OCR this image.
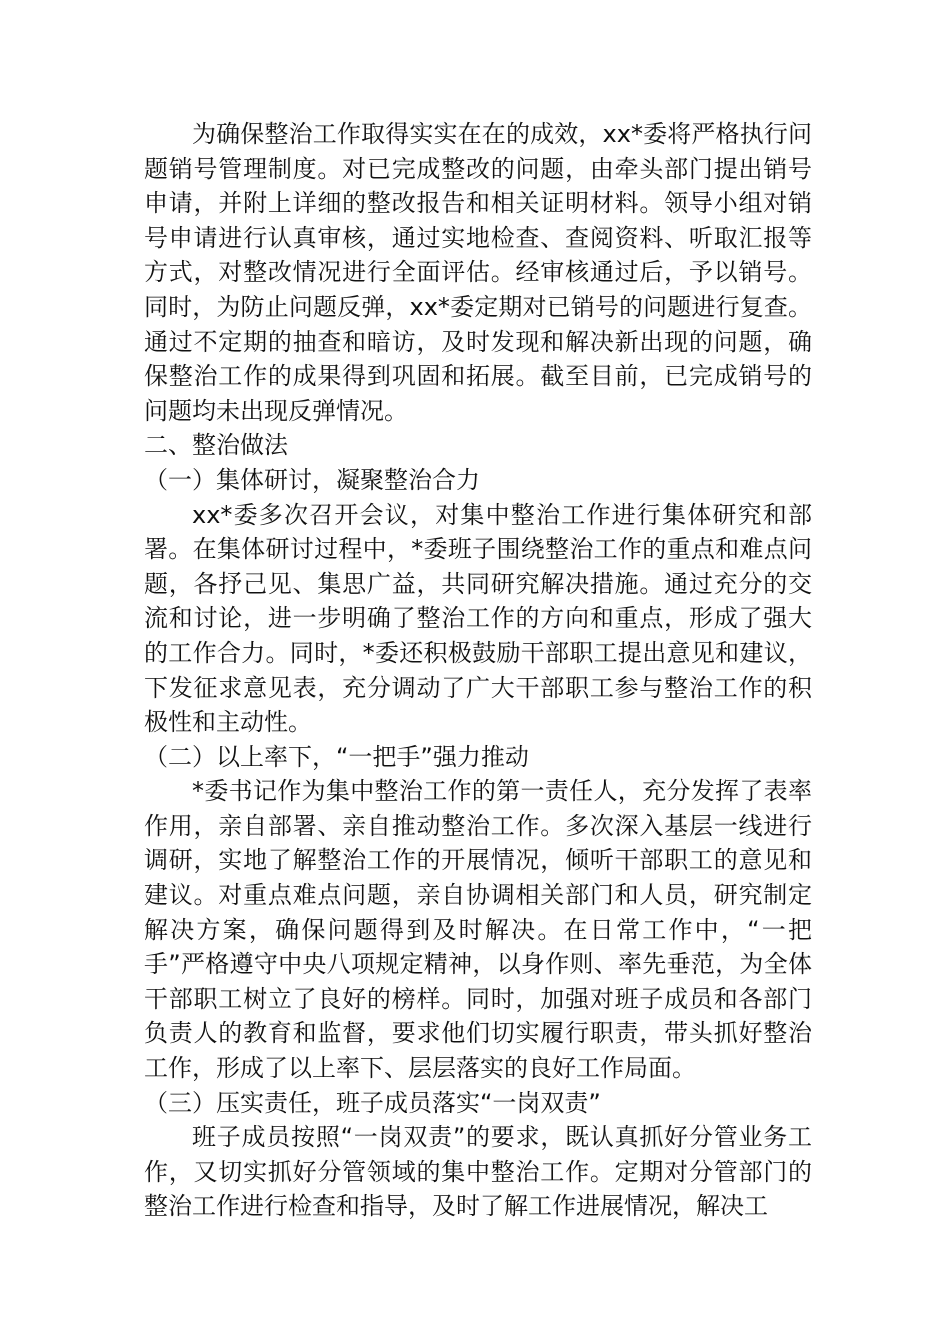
为确保整治工作取得实实在在的成效，xx*委将严格执行问题销号管理制度。对已完成整改的问题，由牵头部门提出销号申请，并附上详细的整改报告和相关证明材料。领导小组对销号申请进行认真审核，通过实地检查、查阅资料、听取汇报等方式，对整改情况进行全面评估。经审核通过后，予以销号。同时，为防止问题反弹，xx*委定期对已销号的问题进行复查。通过不定期的抽查和暗访，及时发现和解决新出现的问题，确保整治工作的成果得到巩固和拓展。截至目前，已完成销号的问题均未出现反弹情况。

二、整治做法

（一）集体研讨，凝聚整治合力

xx*委多次召开会议，对集中整治工作进行集体研究和部署。在集体研讨过程中，*委班子围绕整治工作的重点和难点问题，各抒己见、集思广益，共同研究解决措施。通过充分的交流和讨论，进一步明确了整治工作的方向和重点，形成了强大的工作合力。同时，*委还积极鼓励干部职工提出意见和建议，下发征求意见表，充分调动了广大干部职工参与整治工作的积极性和主动性。

（二）以上率下，“一把手”强力推动

*委书记作为集中整治工作的第一责任人，充分发挥了表率作用，亲自部署、亲自推动整治工作。多次深入基层一线进行调研，实地了解整治工作的开展情况，倾听干部职工的意见和建议。对重点难点问题，亲自协调相关部门和人员，研究制定解决方案，确保问题得到及时解决。在日常工作中，“一把手”严格遵守中央八项规定精神，以身作则、率先垂范，为全体干部职工树立了良好的榜样。同时，加强对班子成员和各部门负责人的教育和监督，要求他们切实履行职责，带头抓好整治工作，形成了以上率下、层层落实的良好工作局面。

（三）压实责任，班子成员落实“一岗双责”

班子成员按照“一岗双责”的要求，既认真抓好分管业务工作，又切实抓好分管领域的集中整治工作。定期对分管部门的整治工作进行检查和指导，及时了解工作进展情况，解决工
